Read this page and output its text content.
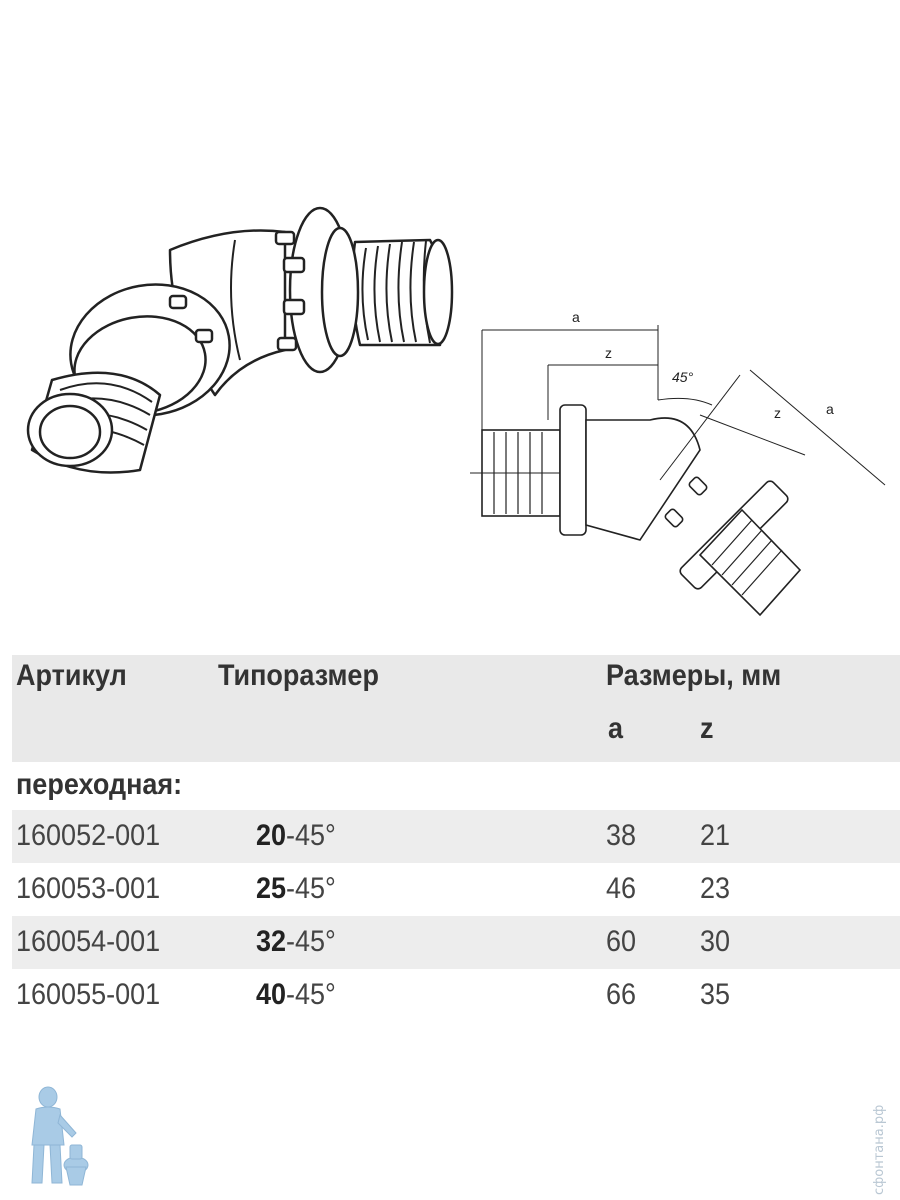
a
z
45°
z	a
Артикул	Типоразмер	Размеры, мм
a	z
переходная:
160052-001	20-45°	38 21
160053-001	25-45°	46 23
160054-001	32-45°	60 30
160055-001	40-45°	66 35
сфонтана.рф
